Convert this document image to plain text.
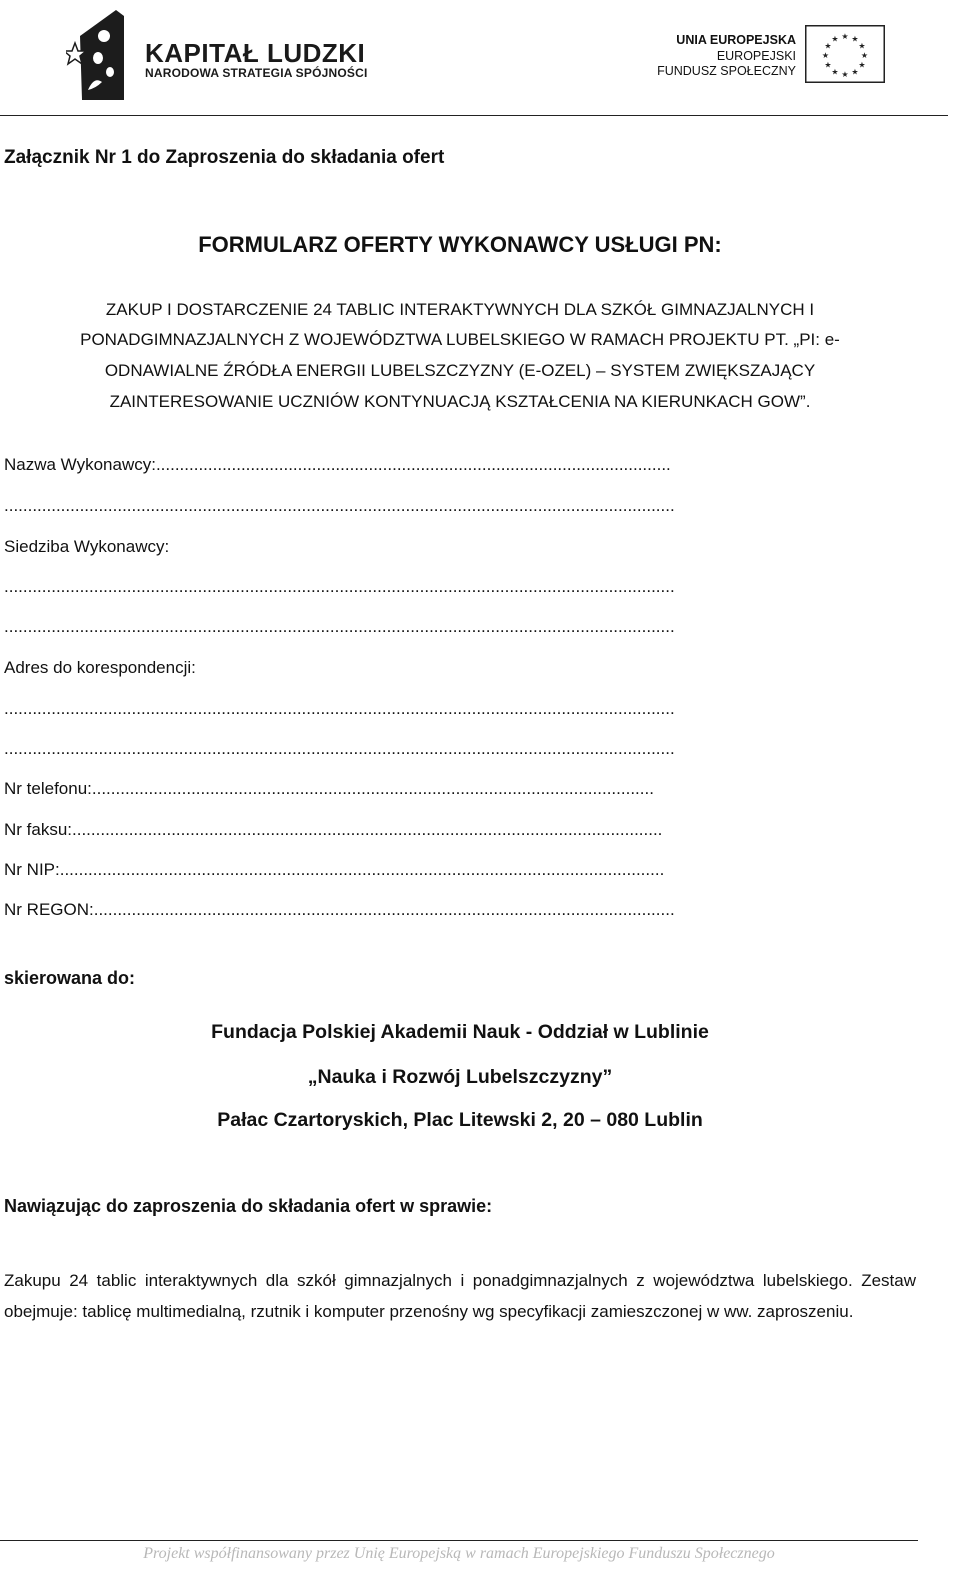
KAPITAŁ LUDZKI
NARODOWA STRATEGIA SPÓJNOŚCI
UNIA EUROPEJSKA
EUROPEJSKI
FUNDUSZ SPOŁECZNY
★ ★
★
★
★
★
★
★
★
★
★
★
Załącznik Nr 1 do Zaproszenia do składania ofert
FORMULARZ OFERTY WYKONAWCY USŁUGI PN:
ZAKUP I DOSTARCZENIE 24 TABLIC INTERAKTYWNYCH DLA SZKÓŁ GIMNAZJALNYCH I
PONADGIMNAZJALNYCH Z WOJEWÓDZTWA LUBELSKIEGO W RAMACH PROJEKTU PT. „PI: e-
ODNAWIALNE ŹRÓDŁA ENERGII LUBELSZCZYZNY (E-OZEL) – SYSTEM ZWIĘKSZAJĄCY
ZAINTERESOWANIE UCZNIÓW KONTYNUACJĄ KSZTAŁCENIA NA KIERUNKACH GOW”.
Nazwa Wykonawcy:.............................................................................................................
..............................................................................................................................................
Siedziba Wykonawcy:
..............................................................................................................................................
..............................................................................................................................................
Adres do korespondencji:
..............................................................................................................................................
..............................................................................................................................................
Nr telefonu:.......................................................................................................................
Nr faksu:.............................................................................................................................
Nr NIP:................................................................................................................................
Nr REGON:...........................................................................................................................
skierowana do:
Fundacja Polskiej Akademii Nauk - Oddział w Lublinie
„Nauka i Rozwój Lubelszczyzny”
Pałac Czartoryskich, Plac Litewski 2, 20 – 080 Lublin
Nawiązując do zaproszenia do składania ofert w sprawie:
Zakupu 24 tablic interaktywnych dla szkół gimnazjalnych i ponadgimnazjalnych z województwa lubelskiego. Zestaw obejmuje: tablicę multimedialną, rzutnik i komputer przenośny wg specyfikacji zamieszczonej w ww. zaproszeniu.
Projekt współfinansowany przez Unię Europejską w ramach Europejskiego Funduszu Społecznego
